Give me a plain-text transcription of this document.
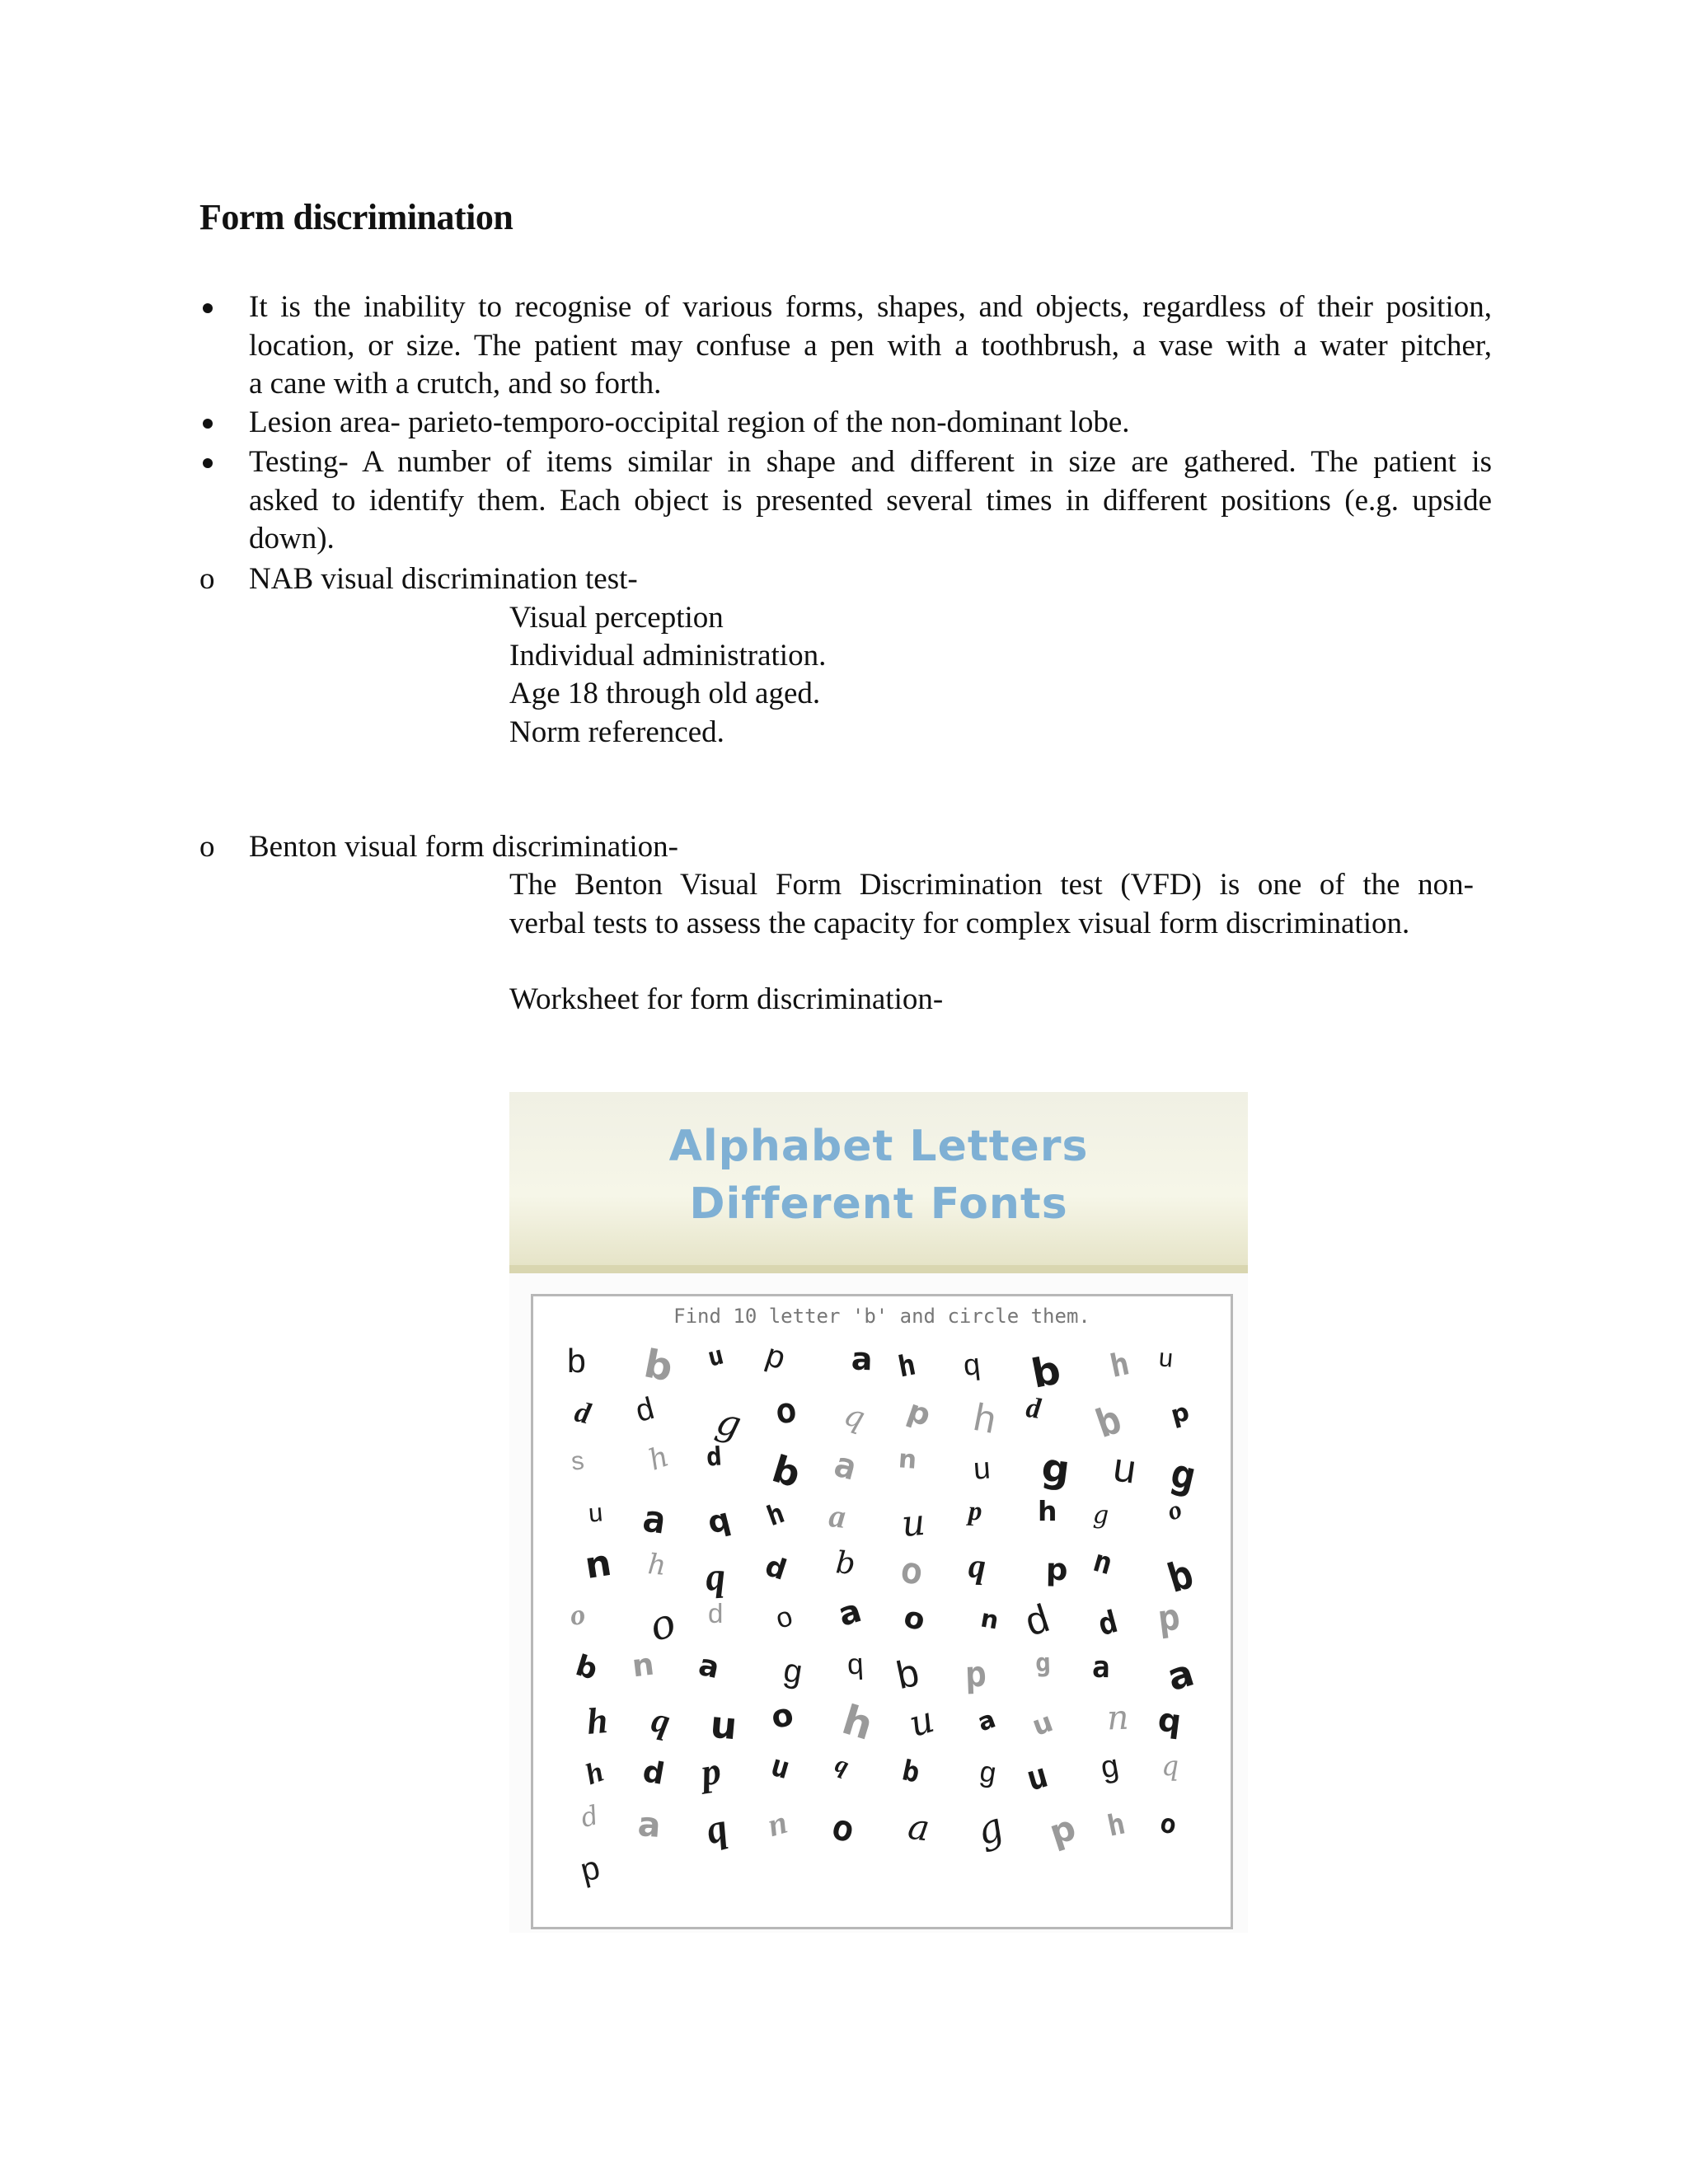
Form discrimination
It is the inability to recognise of various forms, shapes, and objects, regardless of their position,
location, or size. The patient may confuse a pen with a toothbrush, a vase with a water pitcher,
a cane with a crutch, and so forth.
Lesion area- parieto-temporo-occipital region of the non-dominant lobe.
Testing- A number of items similar in shape and different in size are gathered. The patient is
asked to identify them. Each object is presented several times in different positions (e.g. upside
down).
o NAB visual discrimination test-
Visual perception
Individual administration.
Age 18 through old aged.
Norm referenced.
o Benton visual form discrimination-
The Benton Visual Form Discrimination test (VFD) is one of the non-
verbal tests to assess the capacity for complex visual form discrimination.
Worksheet for form discrimination-
Alphabet Letters
Different Fonts
Find 10 letter 'b' and circle them.
b b u p a h q b h u
d d g o q p h d b p
s h d b a n u g u g
u a q h a u p h g o
n h q d b o q p n b
o o d o a o n d d p
b n a g q b p g a a
h q u o h u a u n q
h d p u q b g u g q
d a q n o a g p h o
p
